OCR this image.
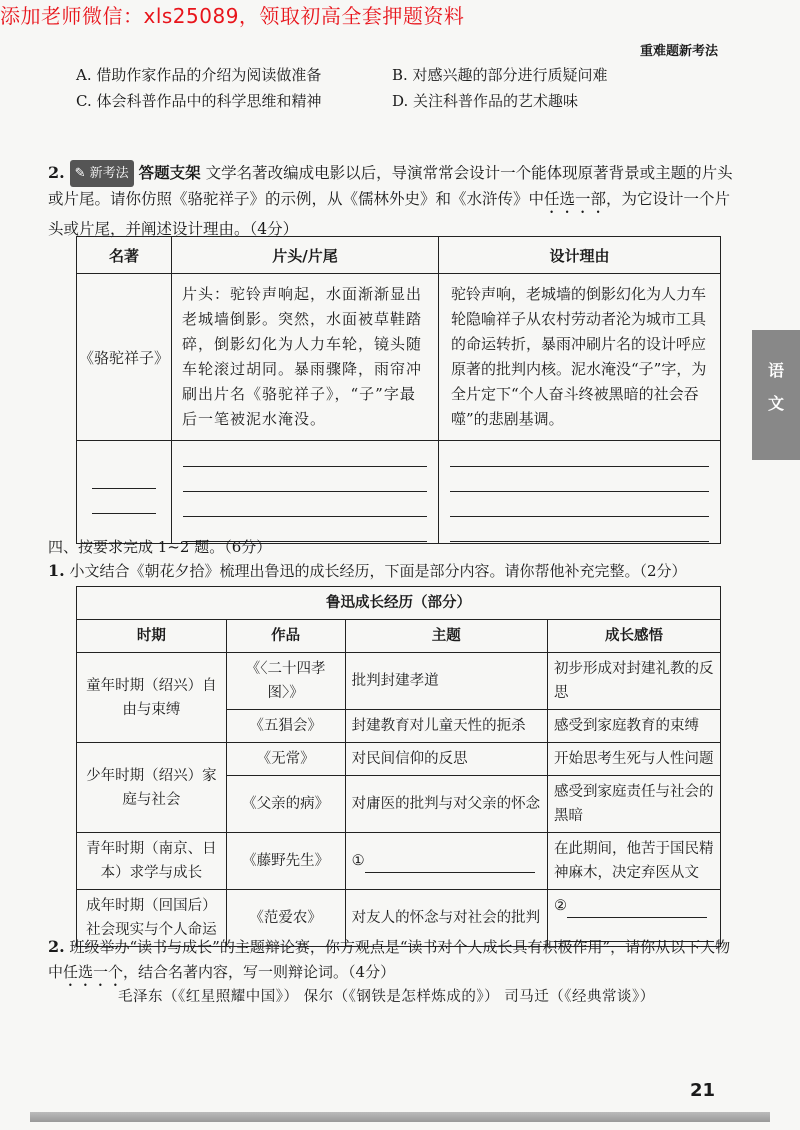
添加老师微信：xls25089，领取初高全套押题资料
重难题新考法
A. 借助作家作品的介绍为阅读做准备	B. 对感兴趣的部分进行质疑问难
C. 体会科普作品中的科学思维和精神	D. 关注科普作品的艺术趣味
2. ✎ 新考法 答题支架 文学名著改编成电影以后，导演常常会设计一个能体现原著背景或主题的片头或片尾。请你仿照《骆驼祥子》的示例，从《儒林外史》和《水浒传》中任选一部，为它设计一个片头或片尾，并阐述设计理由。（4分）
名著	片头/片尾	设计理由
《骆驼祥子》	片头：驼铃声响起，水面渐渐显出老城墙倒影。突然，水面被草鞋踏碎，倒影幻化为人力车轮，镜头随车轮滚过胡同。暴雨骤降，雨帘冲刷出片名《骆驼祥子》，“子”字最后一笔被泥水淹没。	驼铃声响，老城墙的倒影幻化为人力车轮隐喻祥子从农村劳动者沦为城市工具的命运转折，暴雨冲刷片名的设计呼应原著的批判内核。泥水淹没“子”字，为全片定下“个人奋斗终被黑暗的社会吞噬”的悲剧基调。

语
文
四、按要求完成 1~2 题。（6分）
1. 小文结合《朝花夕拾》梳理出鲁迅的成长经历，下面是部分内容。请你帮他补充完整。（2分）
鲁迅成长经历（部分）			
时期	作品	主题	成长感悟
童年时期（绍兴）自由与束缚	《〈二十四孝图〉》	批判封建孝道	初步形成对封建礼教的反思
	《五猖会》	封建教育对儿童天性的扼杀	感受到家庭教育的束缚
少年时期（绍兴）家庭与社会	《无常》	对民间信仰的反思	开始思考生死与人性问题
	《父亲的病》	对庸医的批判与对父亲的怀念	感受到家庭责任与社会的黑暗
青年时期（南京、日本）求学与成长	《藤野先生》	①	在此期间，他苦于国民精神麻木，决定弃医从文
成年时期（回国后）社会现实与个人命运	《范爱农》	对友人的怀念与对社会的批判	②

2. 班级举办“读书与成长”的主题辩论赛，你方观点是“读书对个人成长具有积极作用”，请你从以下人物中任选一个，结合名著内容，写一则辩论词。（4分）
毛泽东（《红星照耀中国》） 保尔（《钢铁是怎样炼成的》） 司马迁（《经典常谈》）
21
